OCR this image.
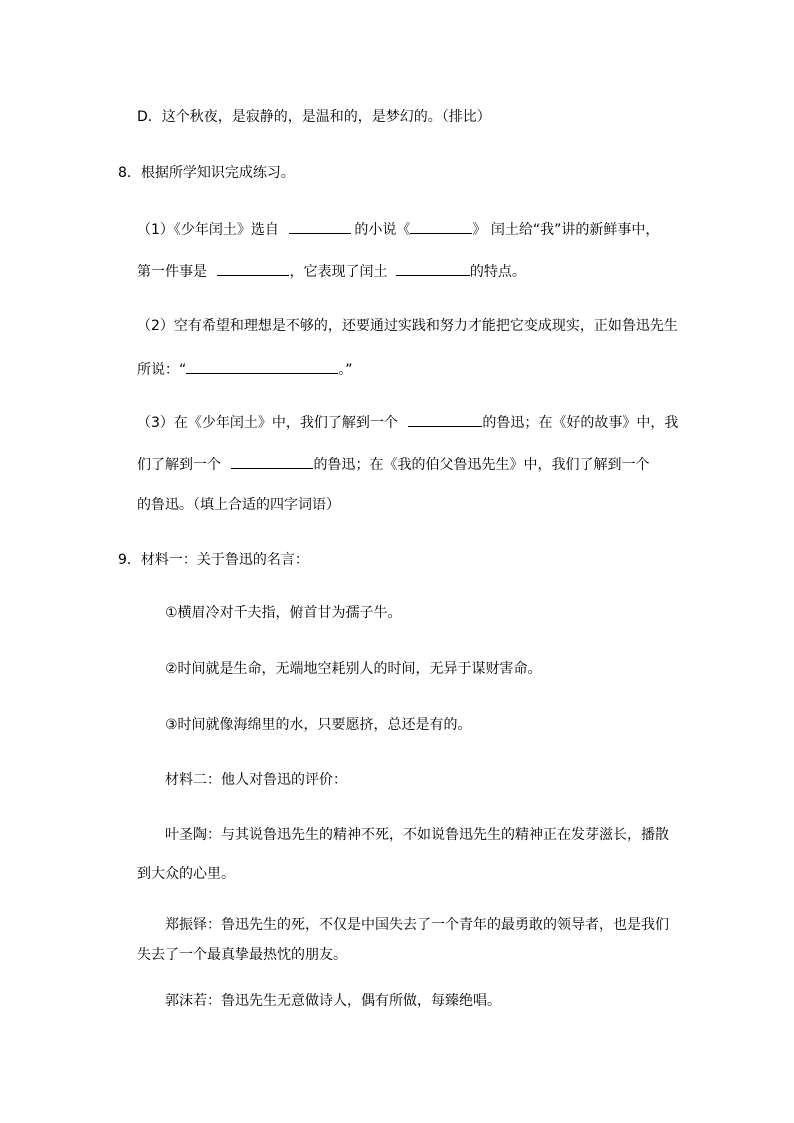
D．这个秋夜，是寂静的，是温和的，是梦幻的。（排比）
8．根据所学知识完成练习。
（1）《少年闰土》选自	的小说《	》 闰土给“我”讲的新鲜事中，
第一件事是	，它表现了闰土	的特点。
（2）空有希望和理想是不够的，还要通过实践和努力才能把它变成现实，正如鲁迅先生
所说：“	。”
（3）在《少年闰土》中，我们了解到一个	的鲁迅；在《好的故事》中，我
们了解到一个	的鲁迅；在《我的伯父鲁迅先生》中，我们了解到一个
的鲁迅。（填上合适的四字词语）
9．材料一：关于鲁迅的名言：
①横眉冷对千夫指，俯首甘为孺子牛。
②时间就是生命，无端地空耗别人的时间，无异于谋财害命。
③时间就像海绵里的水，只要愿挤，总还是有的。
材料二：他人对鲁迅的评价：
叶圣陶：与其说鲁迅先生的精神不死，不如说鲁迅先生的精神正在发芽滋长，播散
到大众的心里。
郑振铎：鲁迅先生的死，不仅是中国失去了一个青年的最勇敢的领导者，也是我们
失去了一个最真挚最热忱的朋友。
郭沫若：鲁迅先生无意做诗人，偶有所做，每臻绝唱。
